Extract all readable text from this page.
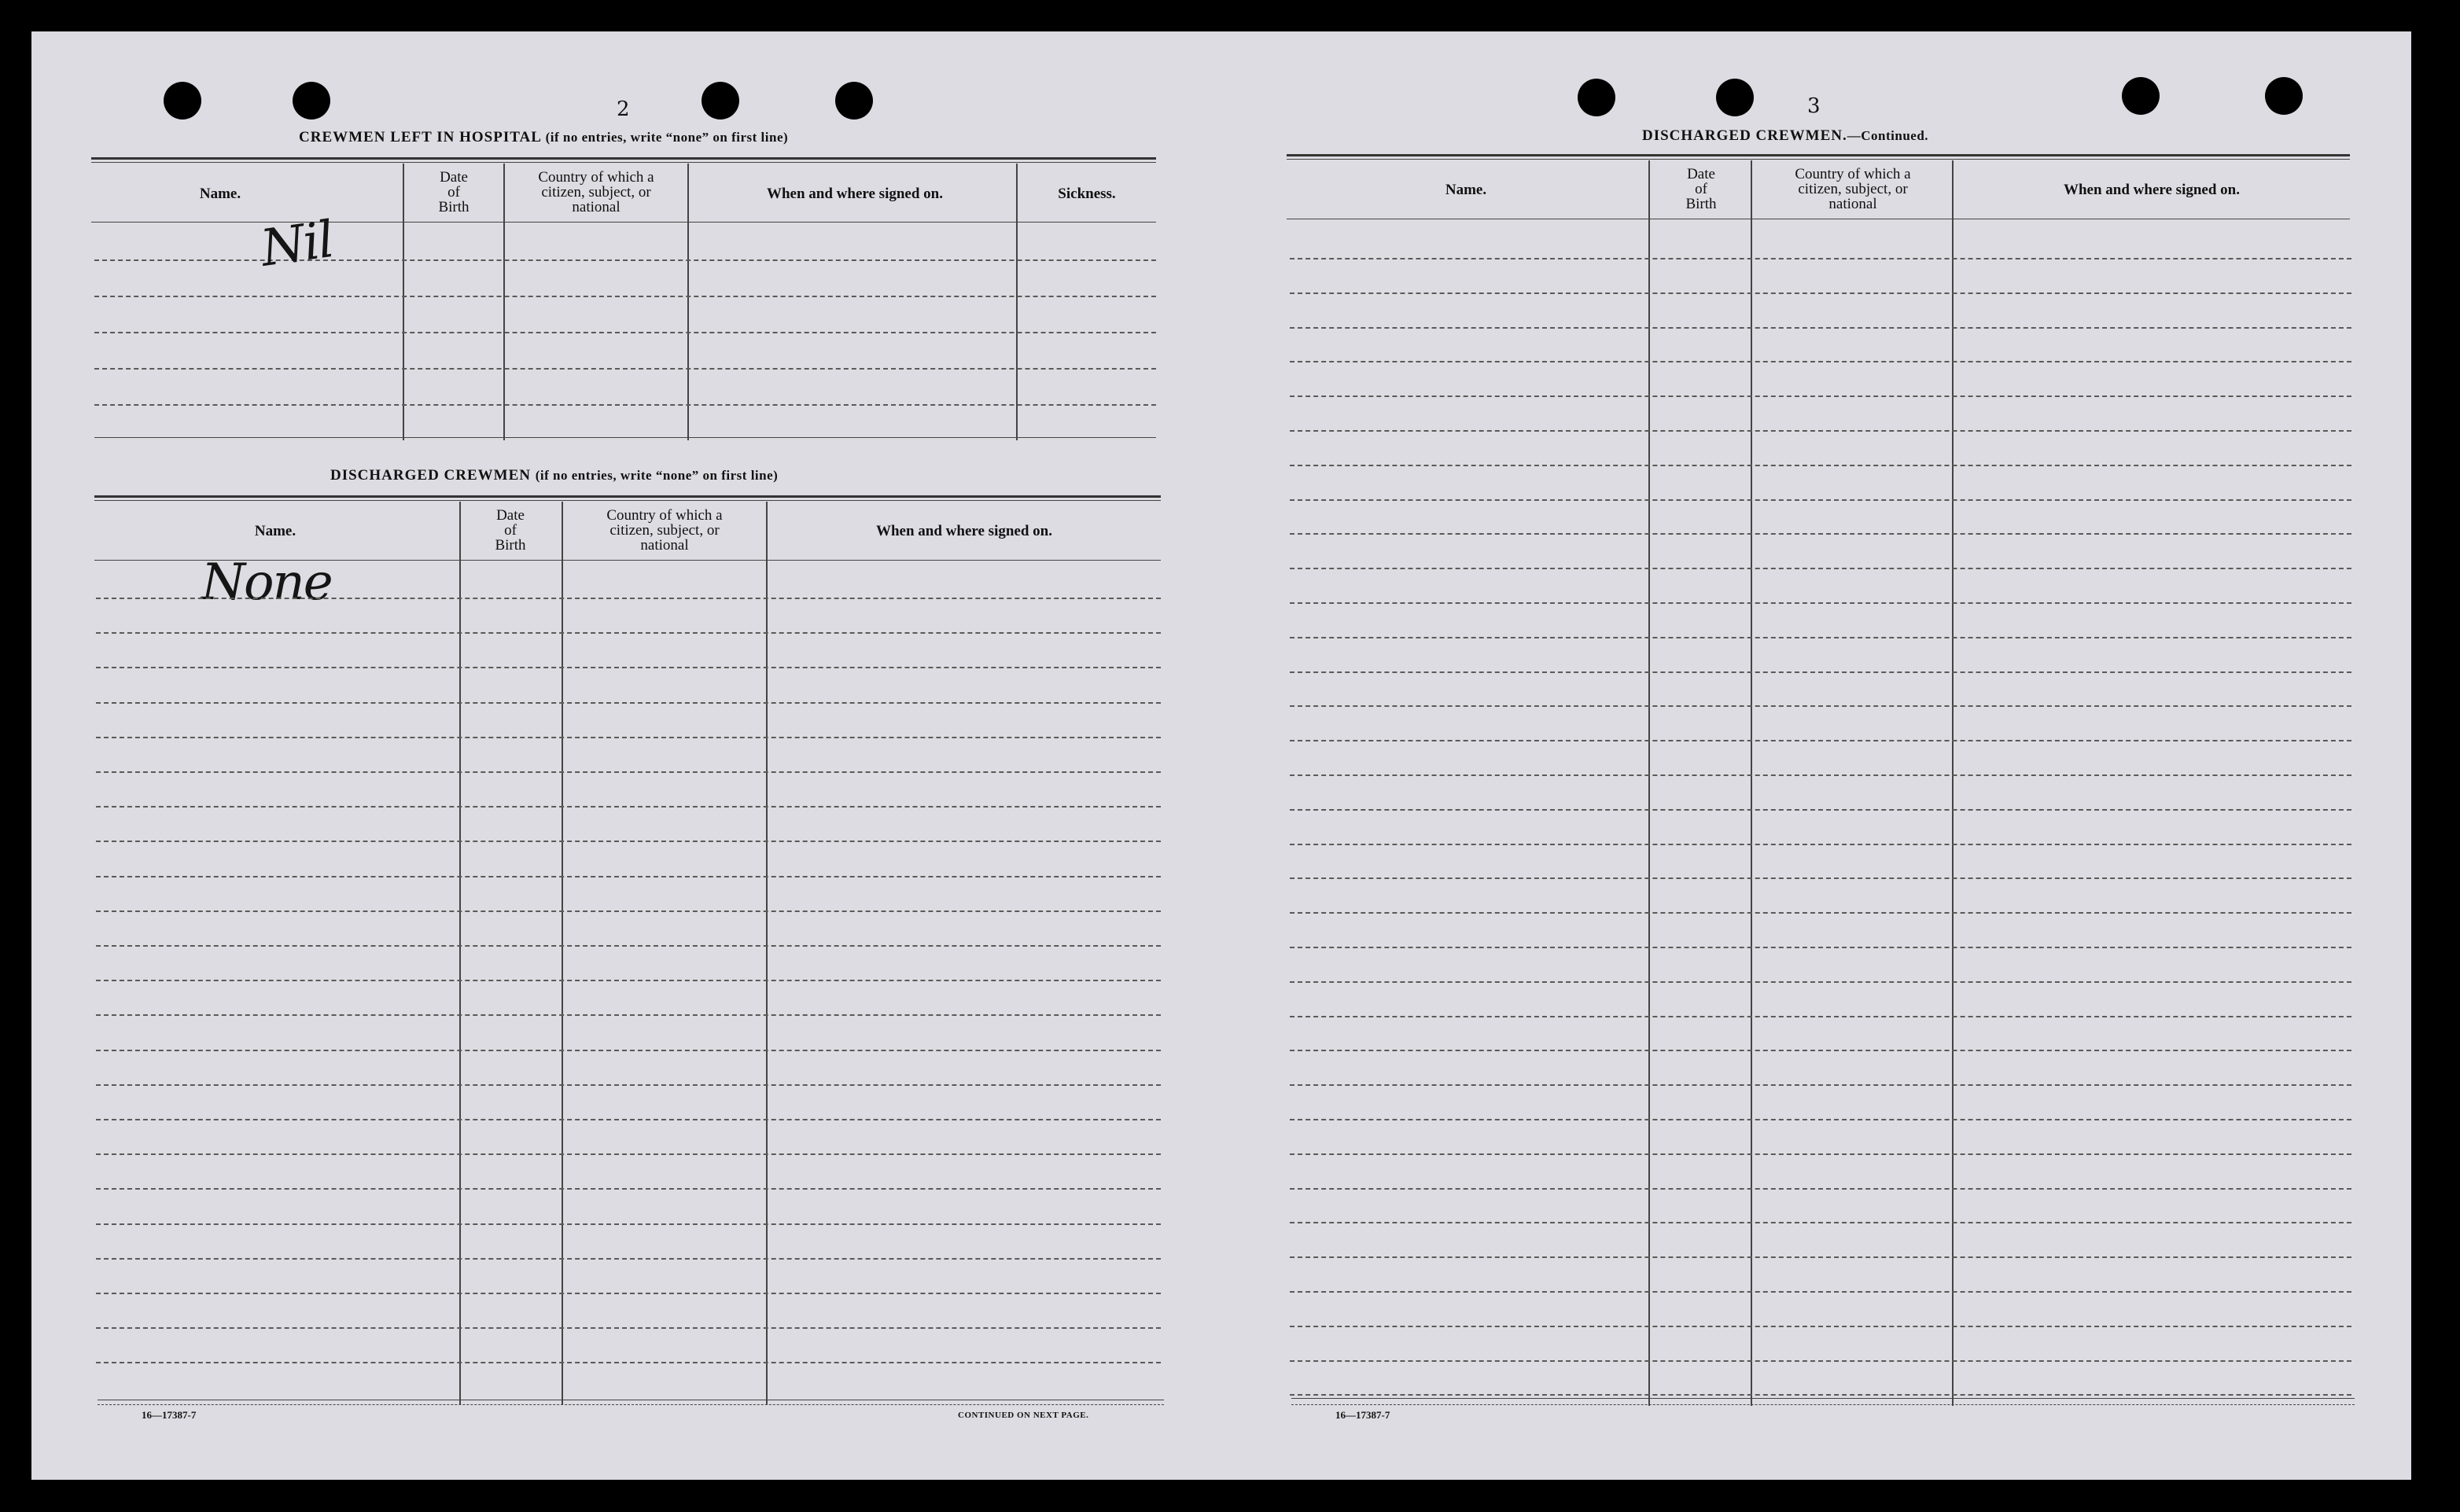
2
CREWMEN LEFT IN HOSPITAL (if no entries, write “none” on first line)
Name.
Date
of
Birth
Country of which a
citizen, subject, or
national
When and where signed on.	Sickness.
Nil
DISCHARGED CREWMEN (if no entries, write “none” on first line)
Name.
Date
of
Birth
Country of which a
citizen, subject, or
national
When and where signed on.
None
16—17387-7	CONTINUED ON NEXT PAGE.
3
DISCHARGED CREWMEN.—Continued.
Name.
Date
of
Birth
Country of which a
citizen, subject, or
national
When and where signed on.
16—17387-7
